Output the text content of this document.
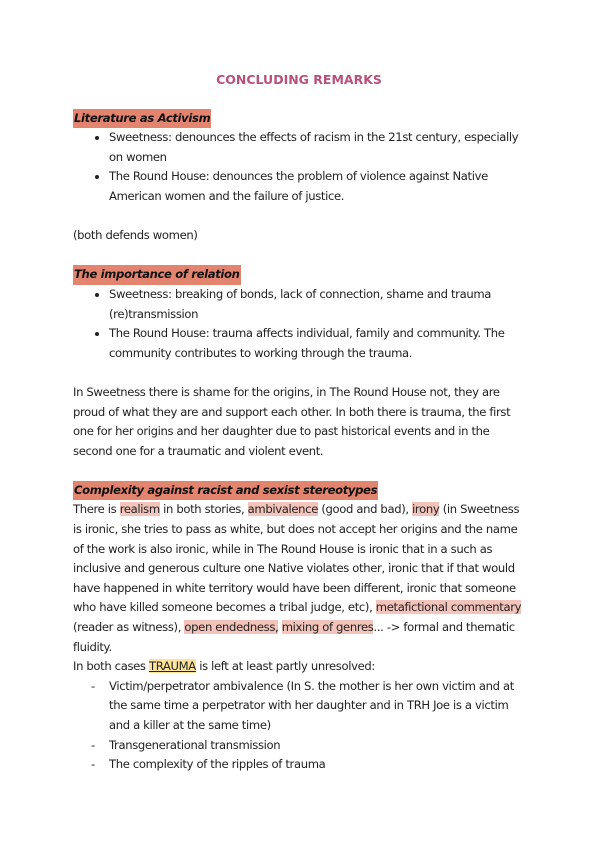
CONCLUDING REMARKS
Literature as Activism
• Sweetness: denounces the effects of racism in the 21st century, especially on women
• The Round House: denounces the problem of violence against Native American women and the failure of justice.

(both defends women)

The importance of relation
• Sweetness: breaking of bonds, lack of connection, shame and trauma (re)transmission
• The Round House: trauma affects individual, family and community. The community contributes to working through the trauma.

In Sweetness there is shame for the origins, in The Round House not, they are proud of what they are and support each other. In both there is trauma, the first one for her origins and her daughter due to past historical events and in the second one for a traumatic and violent event.

Complexity against racist and sexist stereotypes

There is realism in both stories, ambivalence (good and bad), irony (in Sweetness is ironic, she tries to pass as white, but does not accept her origins and the name of the work is also ironic, while in The Round House is ironic that in a such as inclusive and generous culture one Native violates other, ironic that if that would have happened in white territory would have been different, ironic that someone who have killed someone becomes a tribal judge, etc), metafictional commentary (reader as witness), open endedness, mixing of genres... -> formal and thematic fluidity.

In both cases TRAUMA is left at least partly unresolved:

- Victim/perpetrator ambivalence (In S. the mother is her own victim and at the same time a perpetrator with her daughter and in TRH Joe is a victim and a killer at the same time)
- Transgenerational transmission
- The complexity of the ripples of trauma
